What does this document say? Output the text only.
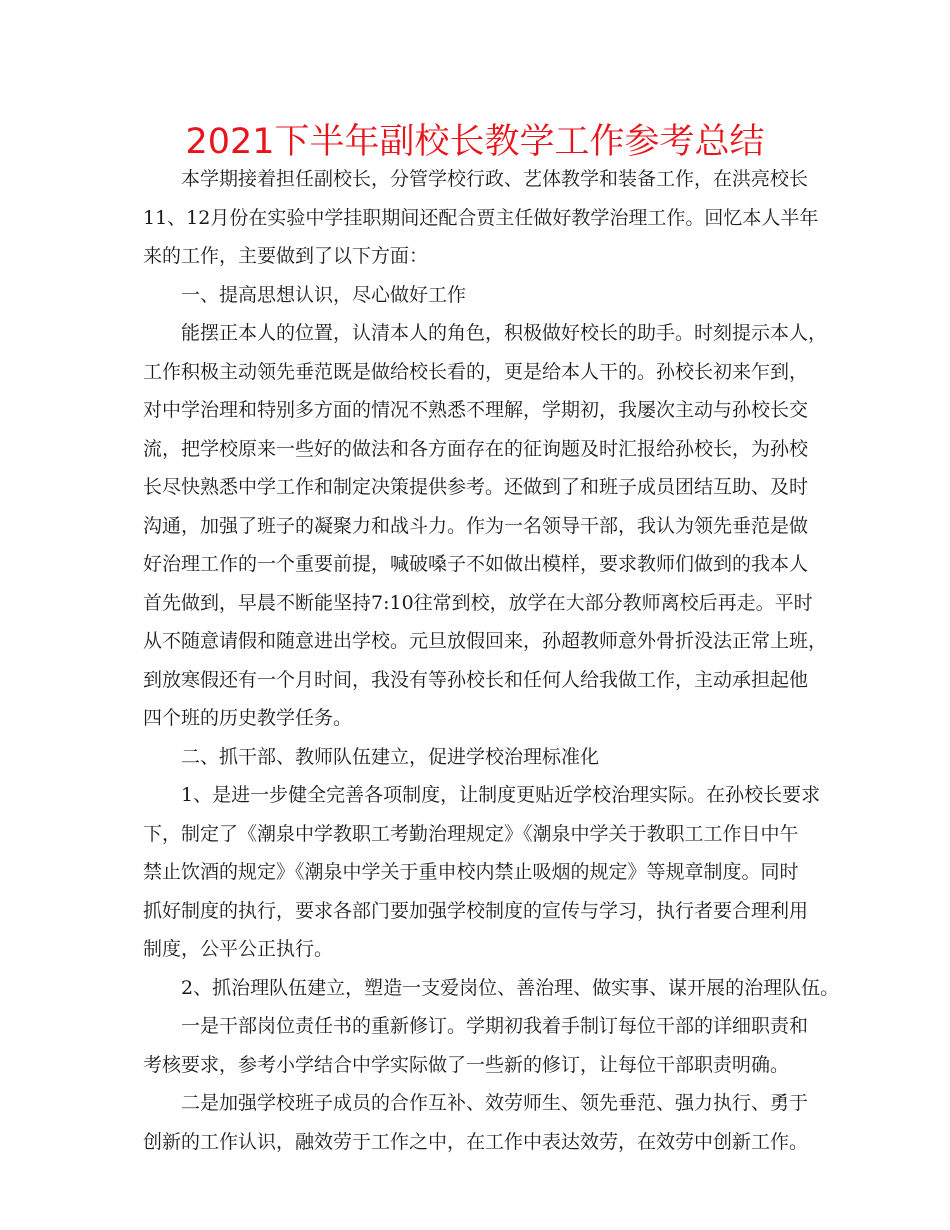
2021下半年副校长教学工作参考总结
本学期接着担任副校长，分管学校行政、艺体教学和装备工作，在洪亮校长
11、12月份在实验中学挂职期间还配合贾主任做好教学治理工作。回忆本人半年
来的工作，主要做到了以下方面：
一、提高思想认识，尽心做好工作
能摆正本人的位置，认清本人的角色，积极做好校长的助手。时刻提示本人，
工作积极主动领先垂范既是做给校长看的，更是给本人干的。孙校长初来乍到，
对中学治理和特别多方面的情况不熟悉不理解，学期初，我屡次主动与孙校长交
流，把学校原来一些好的做法和各方面存在的征询题及时汇报给孙校长，为孙校
长尽快熟悉中学工作和制定决策提供参考。还做到了和班子成员团结互助、及时
沟通，加强了班子的凝聚力和战斗力。作为一名领导干部，我认为领先垂范是做
好治理工作的一个重要前提，喊破嗓子不如做出模样，要求教师们做到的我本人
首先做到，早晨不断能坚持7:10往常到校，放学在大部分教师离校后再走。平时
从不随意请假和随意进出学校。元旦放假回来，孙超教师意外骨折没法正常上班，
到放寒假还有一个月时间，我没有等孙校长和任何人给我做工作，主动承担起他
四个班的历史教学任务。
二、抓干部、教师队伍建立，促进学校治理标准化
1、是进一步健全完善各项制度，让制度更贴近学校治理实际。在孙校长要求
下，制定了《潮泉中学教职工考勤治理规定》《潮泉中学关于教职工工作日中午
禁止饮酒的规定》《潮泉中学关于重申校内禁止吸烟的规定》等规章制度。同时
抓好制度的执行，要求各部门要加强学校制度的宣传与学习，执行者要合理利用
制度，公平公正执行。
2、抓治理队伍建立，塑造一支爱岗位、善治理、做实事、谋开展的治理队伍。
一是干部岗位责任书的重新修订。学期初我着手制订每位干部的详细职责和
考核要求，参考小学结合中学实际做了一些新的修订，让每位干部职责明确。
二是加强学校班子成员的合作互补、效劳师生、领先垂范、强力执行、勇于
创新的工作认识，融效劳于工作之中，在工作中表达效劳，在效劳中创新工作。
